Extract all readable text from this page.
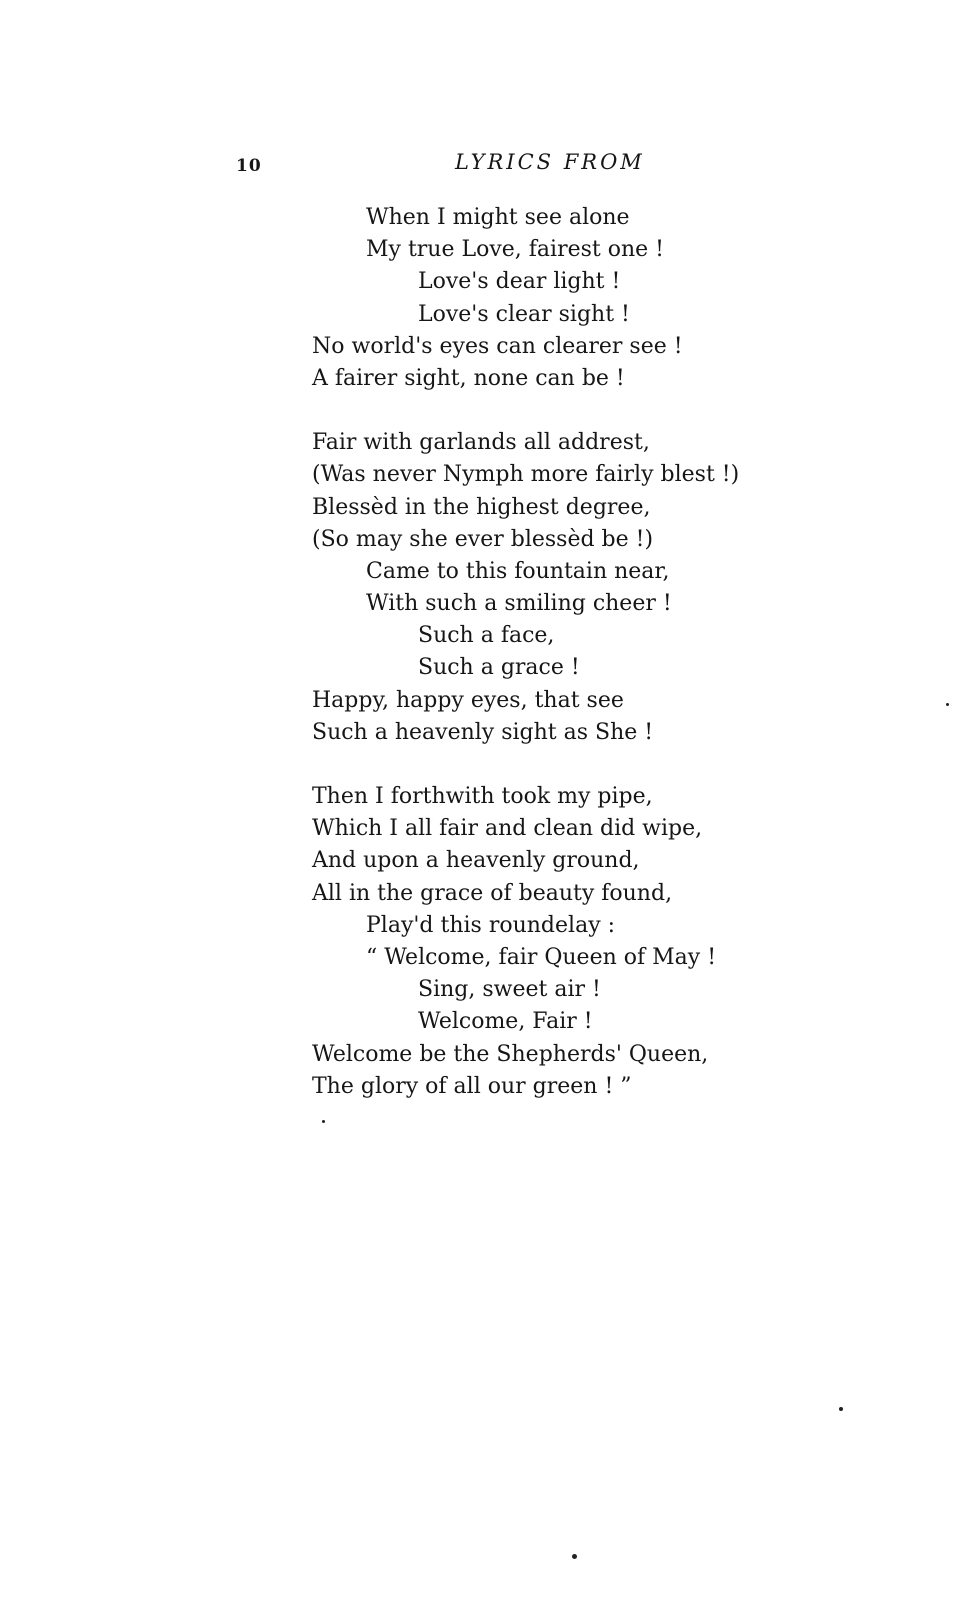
10	LYRICS FROM
When I might see alone
My true Love, fairest one !
Love's dear light !
Love's clear sight !
No world's eyes can clearer see !
A fairer sight, none can be !
Fair with garlands all addrest,
(Was never Nymph more fairly blest !)
Blessèd in the highest degree,
(So may she ever blessèd be !)
Came to this fountain near,
With such a smiling cheer !
Such a face,
Such a grace !
Happy, happy eyes, that see
Such a heavenly sight as She !
Then I forthwith took my pipe,
Which I all fair and clean did wipe,
And upon a heavenly ground,
All in the grace of beauty found,
Play'd this roundelay :
“ Welcome, fair Queen of May !
Sing, sweet air !
Welcome, Fair !
Welcome be the Shepherds' Queen,
The glory of all our green ! ”
